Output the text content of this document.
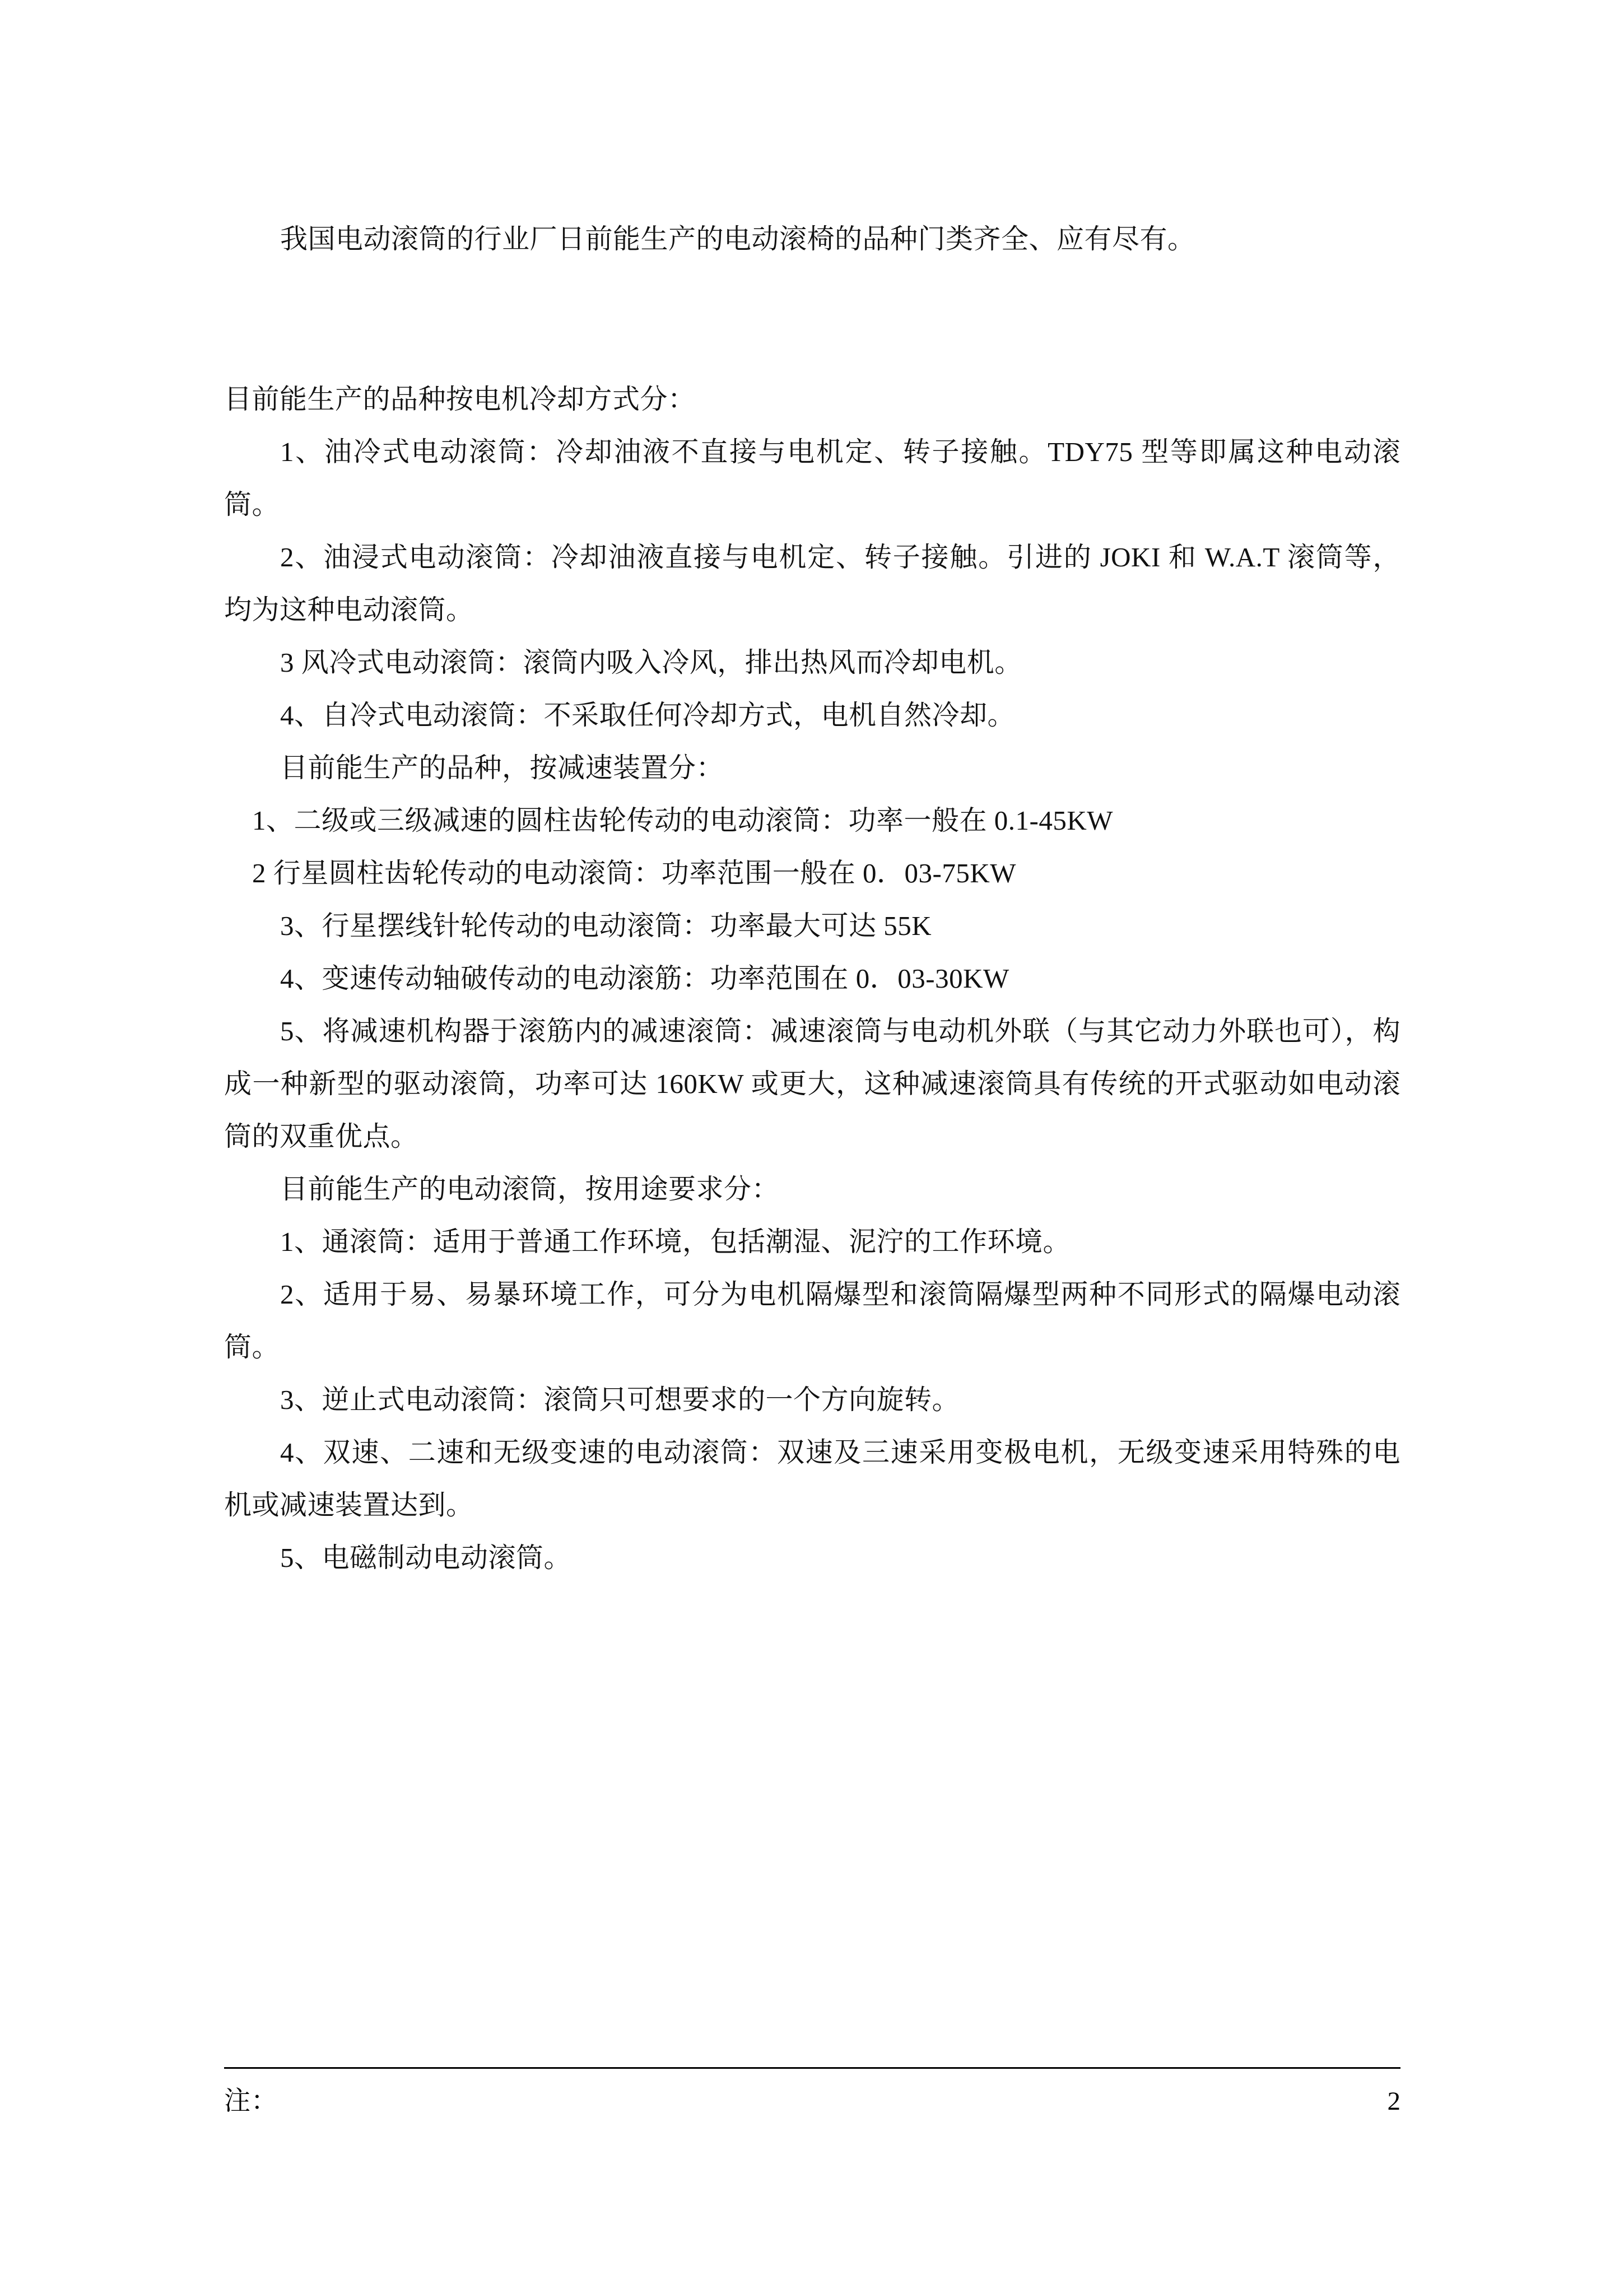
我国电动滚筒的行业厂日前能生产的电动滚椅的品种门类齐全、应有尽有。

目前能生产的品种按电机冷却方式分：

1、油冷式电动滚筒：冷却油液不直接与电机定、转子接触。TDY75 型等即属这种电动滚筒。

2、油浸式电动滚筒：冷却油液直接与电机定、转子接触。引进的 JOKI 和 W.A.T 滚筒等，均为这种电动滚筒。

3 风冷式电动滚筒：滚筒内吸入冷风，排出热风而冷却电机。

4、自冷式电动滚筒：不采取任何冷却方式，电机自然冷却。

目前能生产的品种，按减速装置分：

1、二级或三级减速的圆柱齿轮传动的电动滚筒：功率一般在 0.1-45KW

2 行星圆柱齿轮传动的电动滚筒：功率范围一般在 0．03-75KW

3、行星摆线针轮传动的电动滚筒：功率最大可达 55K

4、变速传动轴破传动的电动滚筋：功率范围在 0．03-30KW

5、将减速机构器于滚筋内的减速滚筒：减速滚筒与电动机外联（与其它动力外联也可），构成一种新型的驱动滚筒，功率可达 160KW 或更大，这种减速滚筒具有传统的开式驱动如电动滚筒的双重优点。

目前能生产的电动滚筒，按用途要求分：

1、通滚筒：适用于普通工作环境，包括潮湿、泥泞的工作环境。

2、适用于易、易暴环境工作，可分为电机隔爆型和滚筒隔爆型两种不同形式的隔爆电动滚筒。

3、逆止式电动滚筒：滚筒只可想要求的一个方向旋转。

4、双速、二速和无级变速的电动滚筒：双速及三速采用变极电机，无级变速采用特殊的电机或减速装置达到。

5、电磁制动电动滚筒。

注：	2
